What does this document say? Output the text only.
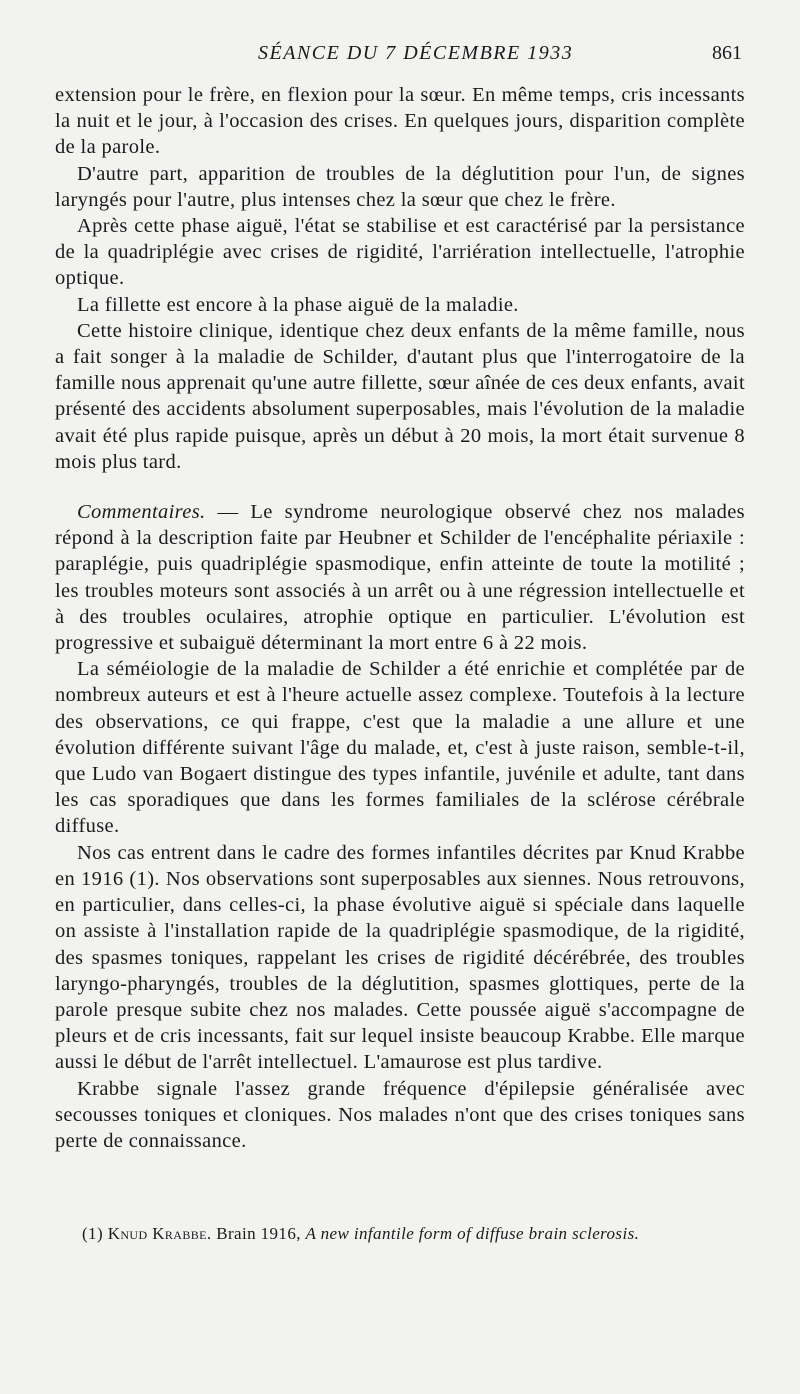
SÉANCE DU 7 DÉCEMBRE 1933	861

extension pour le frère, en flexion pour la sœur. En même temps, cris incessants la nuit et le jour, à l'occasion des crises. En quelques jours, disparition complète de la parole.

D'autre part, apparition de troubles de la déglutition pour l'un, de signes laryngés pour l'autre, plus intenses chez la sœur que chez le frère.

Après cette phase aiguë, l'état se stabilise et est caractérisé par la persistance de la quadriplégie avec crises de rigidité, l'arriération intellectuelle, l'atrophie optique.

La fillette est encore à la phase aiguë de la maladie.

Cette histoire clinique, identique chez deux enfants de la même famille, nous a fait songer à la maladie de Schilder, d'autant plus que l'interrogatoire de la famille nous apprenait qu'une autre fillette, sœur aînée de ces deux enfants, avait présenté des accidents absolument superposables, mais l'évolution de la maladie avait été plus rapide puisque, après un début à 20 mois, la mort était survenue 8 mois plus tard.

Commentaires. — Le syndrome neurologique observé chez nos malades répond à la description faite par Heubner et Schilder de l'encéphalite périaxile : paraplégie, puis quadriplégie spasmodique, enfin atteinte de toute la motilité ; les troubles moteurs sont associés à un arrêt ou à une régression intellectuelle et à des troubles oculaires, atrophie optique en particulier. L'évolution est progressive et subaiguë déterminant la mort entre 6 à 22 mois.

La séméiologie de la maladie de Schilder a été enrichie et complétée par de nombreux auteurs et est à l'heure actuelle assez complexe. Toutefois à la lecture des observations, ce qui frappe, c'est que la maladie a une allure et une évolution différente suivant l'âge du malade, et, c'est à juste raison, semble-t-il, que Ludo van Bogaert distingue des types infantile, juvénile et adulte, tant dans les cas sporadiques que dans les formes familiales de la sclérose cérébrale diffuse.

Nos cas entrent dans le cadre des formes infantiles décrites par Knud Krabbe en 1916 (1). Nos observations sont superposables aux siennes. Nous retrouvons, en particulier, dans celles-ci, la phase évolutive aiguë si spéciale dans laquelle on assiste à l'installation rapide de la quadriplégie spasmodique, de la rigidité, des spasmes toniques, rappelant les crises de rigidité décérébrée, des troubles laryngo-pharyngés, troubles de la déglutition, spasmes glottiques, perte de la parole presque subite chez nos malades. Cette poussée aiguë s'accompagne de pleurs et de cris incessants, fait sur lequel insiste beaucoup Krabbe. Elle marque aussi le début de l'arrêt intellectuel. L'amaurose est plus tardive.

Krabbe signale l'assez grande fréquence d'épilepsie généralisée avec secousses toniques et cloniques. Nos malades n'ont que des crises toniques sans perte de connaissance.

(1) Knud Krabbe. Brain 1916, A new infantile form of diffuse brain sclerosis.
